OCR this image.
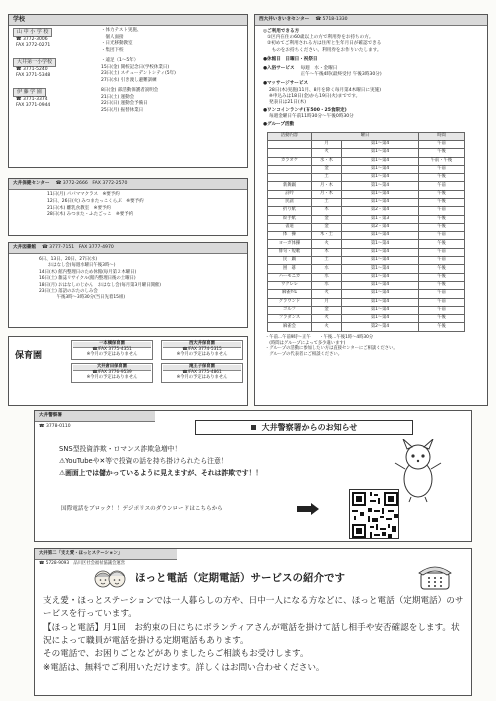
学校
山 中 小 学 校
☎ 3772-3006
FAX 3772-0271
・体力テスト実施、
　個人面接
・日光移動教室
・集団下校
大井第一小学校
☎ 3771-5240
FAX 3771-5348
・遠足（1〜5年）
15日(金) 開校記念日(学校休業日)
23日(土) スチューデントシティ(5年)
27日(水) 引き渡し避難訓練
伊 藤 学 園
☎ 3771-3374
FAX 3771-0944
8日(金) 部活動保護者説明会
21日(土) 運動会
22日(日) 運動会予備日
25日(月) 振替休業日
大井保健センター ☎ 3772-2666　FAX 3772-2570
11日(月) パパママクラス　※要予約
12日、26日(火) みつまたっこくらぶ　※要予約
21日(木) 離乳食教室　※要予約
28日(木) みつまた・ふたごっこ　※要予約
大井図書館 ☎ 3777-7151　FAX 3777-4970
6日、13日、20日、27日(水)
　　おはなし会(毎週水曜日午後3時〜)
14日(木) 館内整理日のため休館(毎月第２木曜日)
16日(土) 雑誌リサイクル(館内整理日後の土曜日)
18日(月) おはなしのじかん　おはなし会(毎月第3月曜日開催)
23日(土) 落語のおたのしみ会
　　　　午後3時〜3時30分(当日先着15組)
保育園
一本橋保育園
☎/FAX 3775-4351
※今月の予定はありません
西大井保育園
☎/FAX 3774-5315
※今月の予定はありません
大井倉田保育園
☎/FAX 3776-9539
※今月の予定はありません
滝王子保育園
☎/FAX 3775-4861
※今月の予定はありません
西大井いきいきセンター ☎ 5718-1330
◎ご利用できる方
①区内在住の60歳以上の方で利用券をお持ちの方。
②初めてご利用される方は住所と生年月日が確認できる
　ものをお持ちください。利用券をお作りいたします。
●休館日　日曜日・祝祭日
●入浴サービス 毎週　水・金曜日
正午〜午後4時(最終受付 午後3時30分)
●マッサージサービス
28日(木)実施(11月、8月を除く毎月第4木曜日に実施)
※申込みは18日(金)から19日(火)までです。
発表日は21日(木)
●ワンコインランチ(￥500・25食限定)
毎週金曜日午前11時30分〜午後0時30分
●グループ活動
活動内容	曜日		時間
	月	第1〜第4	午前
	火	第1〜第4	午後
カラオケ	水・木	第1〜第4	午前・午後
	金	第1〜第4	午前
	土	第1〜第4	午後
新舞踊	月・木	第1〜第4	午前
詩吟	月・木	第1〜第4	午後
民謡	土	第1〜第4	午後
折り紙	木	第2・第4	午前
絵手紙	金	第1・第3	午後
書道	金	第2・第4	午後
体　操	木・土	第1〜第4	午前
ヨーガ体操	火	第1〜第4	午後
俳句・短歌	木	第1〜第4	午前
民　踊	土	第1〜第4	午前
囲　碁	水	第1〜第4	午後
ハーモニカ	水	第1〜第4	午後
ウクレレ	水	第1〜第4	午後
麻雀ﾀｲﾑ	火	第1〜第4	午前
グラウンド	月	第1〜第4	午前
ゴルフ	金	第1〜第4	午前
フラダンス	火	第1〜第4	午後
麻雀会	火	第2〜第4	午後
・午前…午前9時〜正午　　・午後…午後1時〜4時30分
　(時間はグループによって多少違います)
・グループの活動に参加したい方は直接センターにご相談ください。
　グループの代表者にご相談ください。
大井警察署
☎ 3778-0110	大井警察署からのお知らせ
SNS型投資詐欺・ロマンス詐欺急増中！
⚠YouTubeや✕等で投資の話を持ち掛けられたら注意！
⚠画面上では儲かっているように見えますが、それは詐欺です！！
国際電話をブロック！！デジポリスのダウンロードはこちらから
大井第二「支え愛・ほっとステーション」
☎ 5728-9093　品川区社会福祉協議会運営
ほっと電話（定期電話）サービスの紹介です
支え愛・ほっとステーションでは一人暮らしの方や、日中一人になる方などに、ほっと電話（定期電話）のサービスを行っています。
【ほっと電話】月1回　お約束の日にちにボランティアさんが電話を掛けて話し相手や安否確認をします。状況によって職員が電話を掛ける定期電話もあります。
その電話で、お困りごとなどがありましたらご相談もお受けします。
※電話は、無料でご利用いただけます。詳しくはお問い合わせください。
